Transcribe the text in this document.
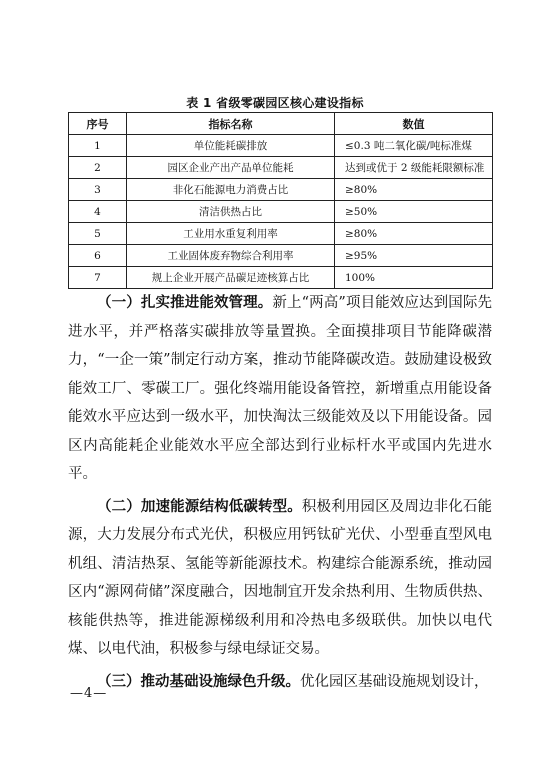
表 1 省级零碳园区核心建设指标
序号	指标名称	数值
1	单位能耗碳排放	≤0.3 吨二氧化碳/吨标准煤
2	园区企业产出产品单位能耗	达到或优于 2 级能耗限额标准
3	非化石能源电力消费占比	≥80%
4	清洁供热占比	≥50%
5	工业用水重复利用率	≥80%
6	工业固体废弃物综合利用率	≥95%
7	规上企业开展产品碳足迹核算占比	100%

（一）扎实推进能效管理。新上“两高”项目能效应达到国际先进水平，并严格落实碳排放等量置换。全面摸排项目节能降碳潜力，“一企一策”制定行动方案，推动节能降碳改造。鼓励建设极致能效工厂、零碳工厂。强化终端用能设备管控，新增重点用能设备能效水平应达到一级水平，加快淘汰三级能效及以下用能设备。园区内高能耗企业能效水平应全部达到行业标杆水平或国内先进水平。

（二）加速能源结构低碳转型。积极利用园区及周边非化石能源，大力发展分布式光伏，积极应用钙钛矿光伏、小型垂直型风电机组、清洁热泵、氢能等新能源技术。构建综合能源系统，推动园区内“源网荷储”深度融合，因地制宜开发余热利用、生物质供热、核能供热等，推进能源梯级利用和冷热电多级联供。加快以电代煤、以电代油，积极参与绿电绿证交易。

（三）推动基础设施绿色升级。优化园区基础设施规划设计，

—4—
